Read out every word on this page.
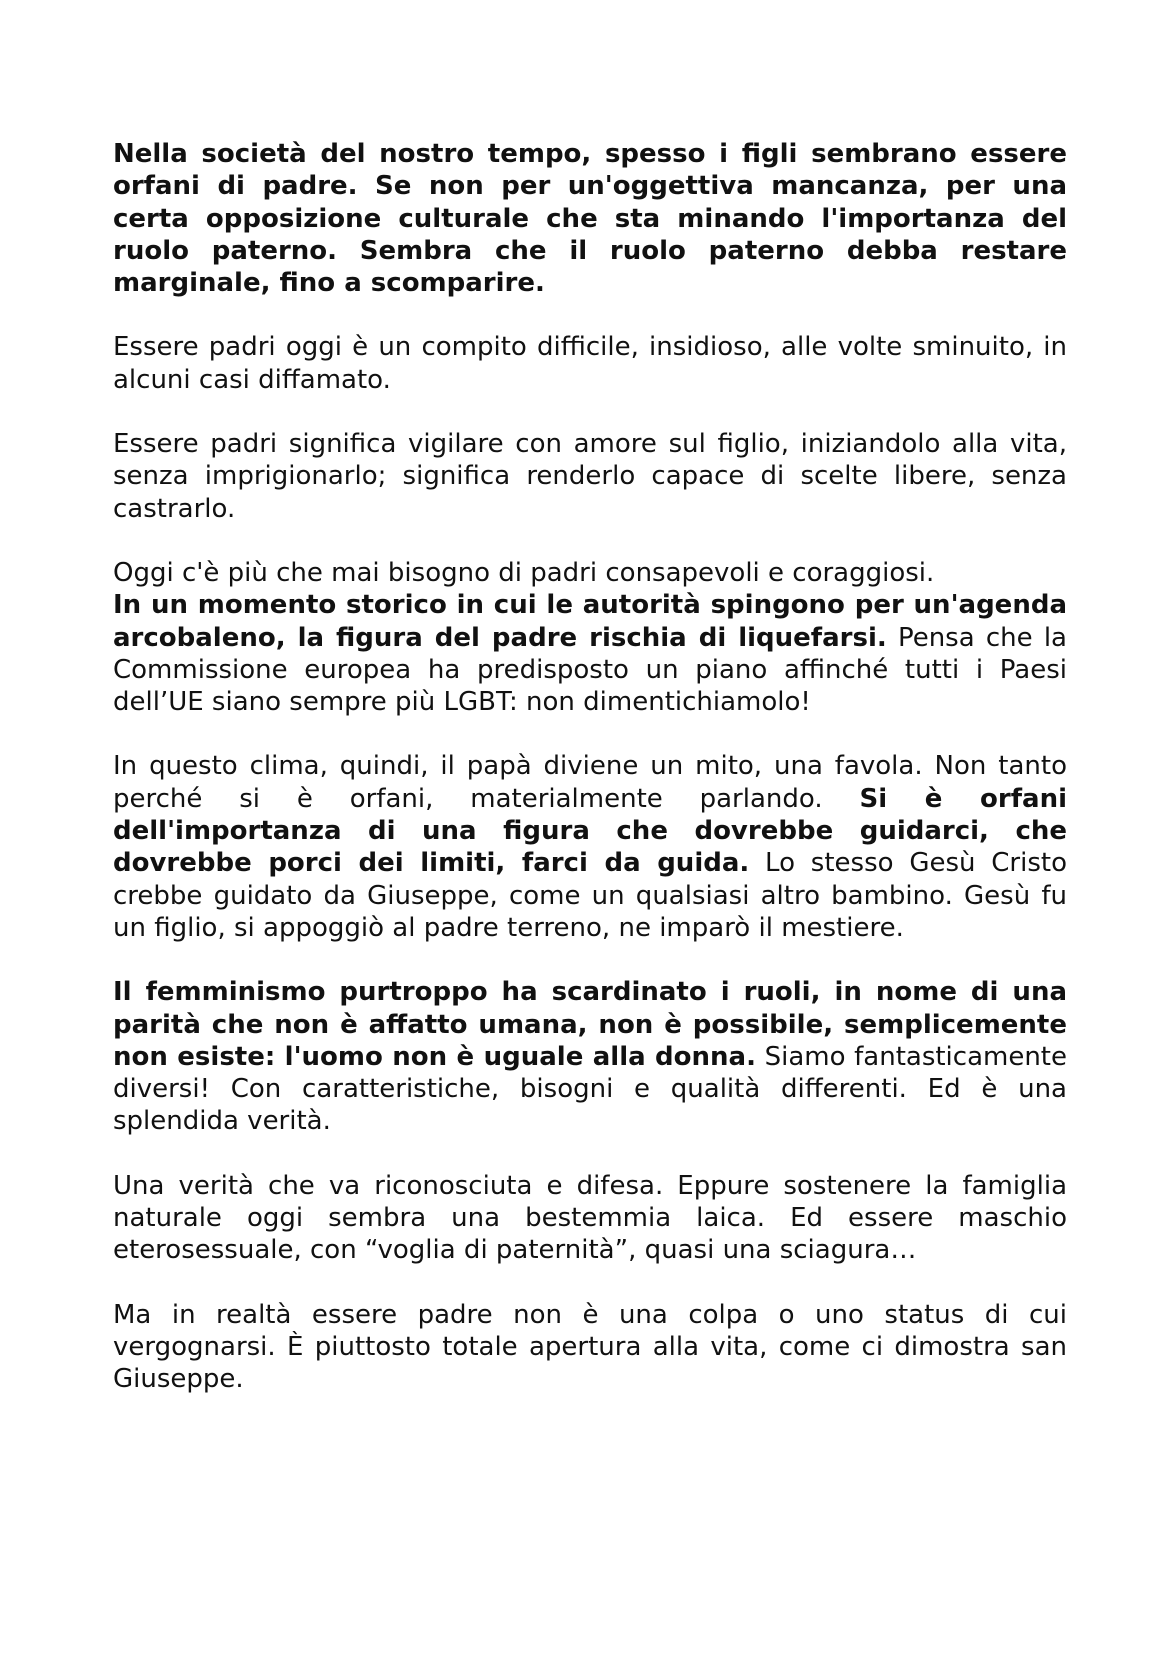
Nella società del nostro tempo, spesso i figli sembrano essere orfani di padre. Se non per un'oggettiva mancanza, per una certa opposizione culturale che sta minando l'importanza del ruolo paterno. Sembra che il ruolo paterno debba restare marginale, fino a scomparire.

Essere padri oggi è un compito difficile, insidioso, alle volte sminuito, in alcuni casi diffamato.

Essere padri significa vigilare con amore sul figlio, iniziandolo alla vita, senza imprigionarlo; significa renderlo capace di scelte libere, senza castrarlo.

Oggi c'è più che mai bisogno di padri consapevoli e coraggiosi.

In un momento storico in cui le autorità spingono per un'agenda arcobaleno, la figura del padre rischia di liquefarsi. Pensa che la Commissione europea ha predisposto un piano affinché tutti i Paesi dell’UE siano sempre più LGBT: non dimentichiamolo!

In questo clima, quindi, il papà diviene un mito, una favola. Non tanto perché si è orfani, materialmente parlando. Si è orfani dell'importanza di una figura che dovrebbe guidarci, che dovrebbe porci dei limiti, farci da guida. Lo stesso Gesù Cristo crebbe guidato da Giuseppe, come un qualsiasi altro bambino. Gesù fu un figlio, si appoggiò al padre terreno, ne imparò il mestiere.

Il femminismo purtroppo ha scardinato i ruoli, in nome di una parità che non è affatto umana, non è possibile, semplicemente non esiste: l'uomo non è uguale alla donna. Siamo fantasticamente diversi! Con caratteristiche, bisogni e qualità differenti. Ed è una splendida verità.

Una verità che va riconosciuta e difesa. Eppure sostenere la famiglia naturale oggi sembra una bestemmia laica. Ed essere maschio eterosessuale, con “voglia di paternità”, quasi una sciagura…

Ma in realtà essere padre non è una colpa o uno status di cui vergognarsi. È piuttosto totale apertura alla vita, come ci dimostra san Giuseppe.
